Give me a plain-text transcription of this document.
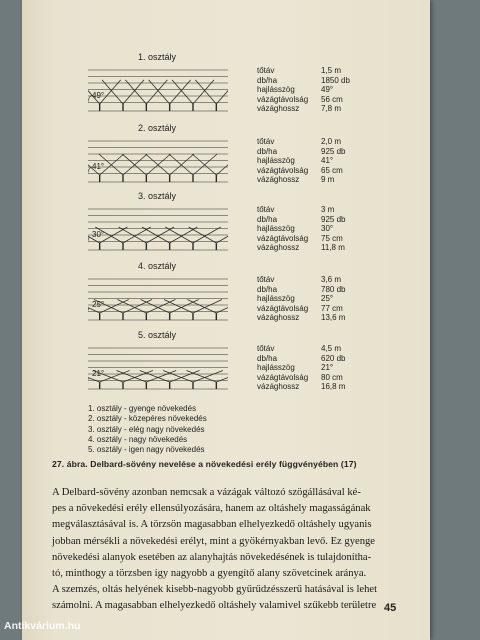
1. osztály
49°
tőtáv	1,5 m
db/ha	1850 db
hajlásszög	49°
vázágtávolság	56 cm
vázághossz	7,8 m
2. osztály
41°
tőtáv	2,0 m
db/ha	925 db
hajlásszög	41°
vázágtávolság	65 cm
vázághossz	9 m
3. osztály
30°
tőtáv	3 m
db/ha	925 db
hajlásszög	30°
vázágtávolság	75 cm
vázághossz	11,8 m
4. osztály
25°
tőtáv	3,6 m
db/ha	780 db
hajlásszög	25°
vázágtávolság	77 cm
vázághossz	13,6 m
5. osztály
21°
tőtáv	4,5 m
db/ha	620 db
hajlásszög	21°
vázágtávolság	80 cm
vázághossz	16,8 m
1. osztály - gyenge növekedés
2. osztály - közepéres növekedés
3. osztály - elég nagy növekedés
4. osztály - nagy növekedés
5. osztály - igen nagy növekedés
27. ábra. Delbard-sövény nevelése a növekedési erély függvényében (17)
A Delbard-sövény azonban nemcsak a vázágak változó szögállásával ké-
pes a növekedési erély ellensúlyozására, hanem az oltáshely magasságának
megválasztásával is. A törzsön magasabban elhelyezkedő oltáshely ugyanis
jobban mérsékli a növekedési erélyt, mint a gyökérnyakban levő. Ez gyenge
növekedési alanyok esetében az alanyhajtás növekedésének is tulajdonítha-
tó, minthogy a törzsben így nagyobb a gyengítő alany szövetcinek aránya.
A szemzés, oltás helyének kisebb-nagyobb gyűrűdzésszerű hatásával is lehet
számolni. A magasabban elhelyezkedő oltáshely valamivel szűkebb területre 45
Antikvárium.hu
